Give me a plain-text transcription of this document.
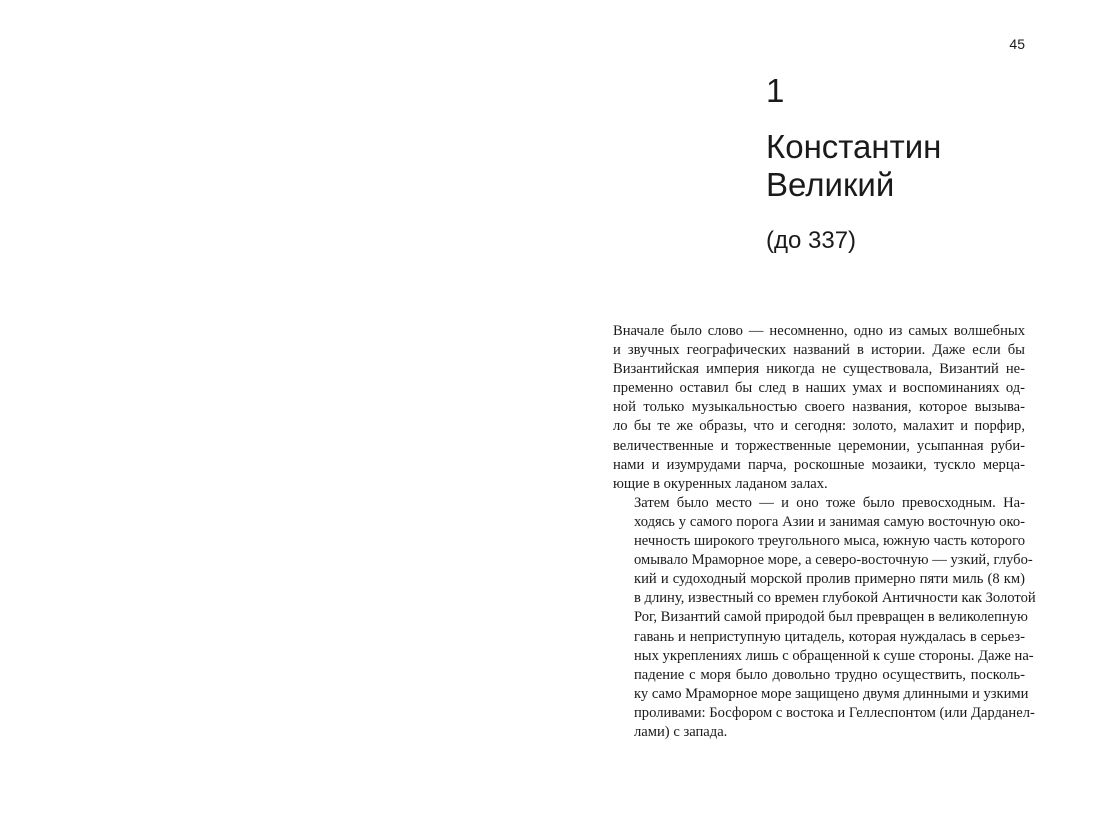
45
1
Константин
Великий
(до 337)

Вначале было слово — несомненно, одно из самых волшебных
и звучных географических названий в истории. Даже если бы
Византийская империя никогда не существовала, Византий не-
пременно оставил бы след в наших умах и воспоминаниях од-
ной только музыкальностью своего названия, которое вызыва-
ло бы те же образы, что и сегодня: золото, малахит и порфир,
величественные и торжественные церемонии, усыпанная руби-
нами и изумрудами парча, роскошные мозаики, тускло мерца-
ющие в окуренных ладаном залах.

Затем было место — и оно тоже было превосходным. На-
ходясь у самого порога Азии и занимая самую восточную око-
нечность широкого треугольного мыса, южную часть которого
омывало Мраморное море, а северо-восточную — узкий, глубо-
кий и судоходный морской пролив примерно пяти миль (8 км)
в длину, известный со времен глубокой Античности как Золотой
Рог, Византий самой природой был превращен в великолепную
гавань и неприступную цитадель, которая нуждалась в серьез-
ных укреплениях лишь с обращенной к суше стороны. Даже на-
падение с моря было довольно трудно осуществить, посколь-
ку само Мраморное море защищено двумя длинными и узкими
проливами: Босфором с востока и Геллеспонтом (или Дарданел-
лами) с запада.
